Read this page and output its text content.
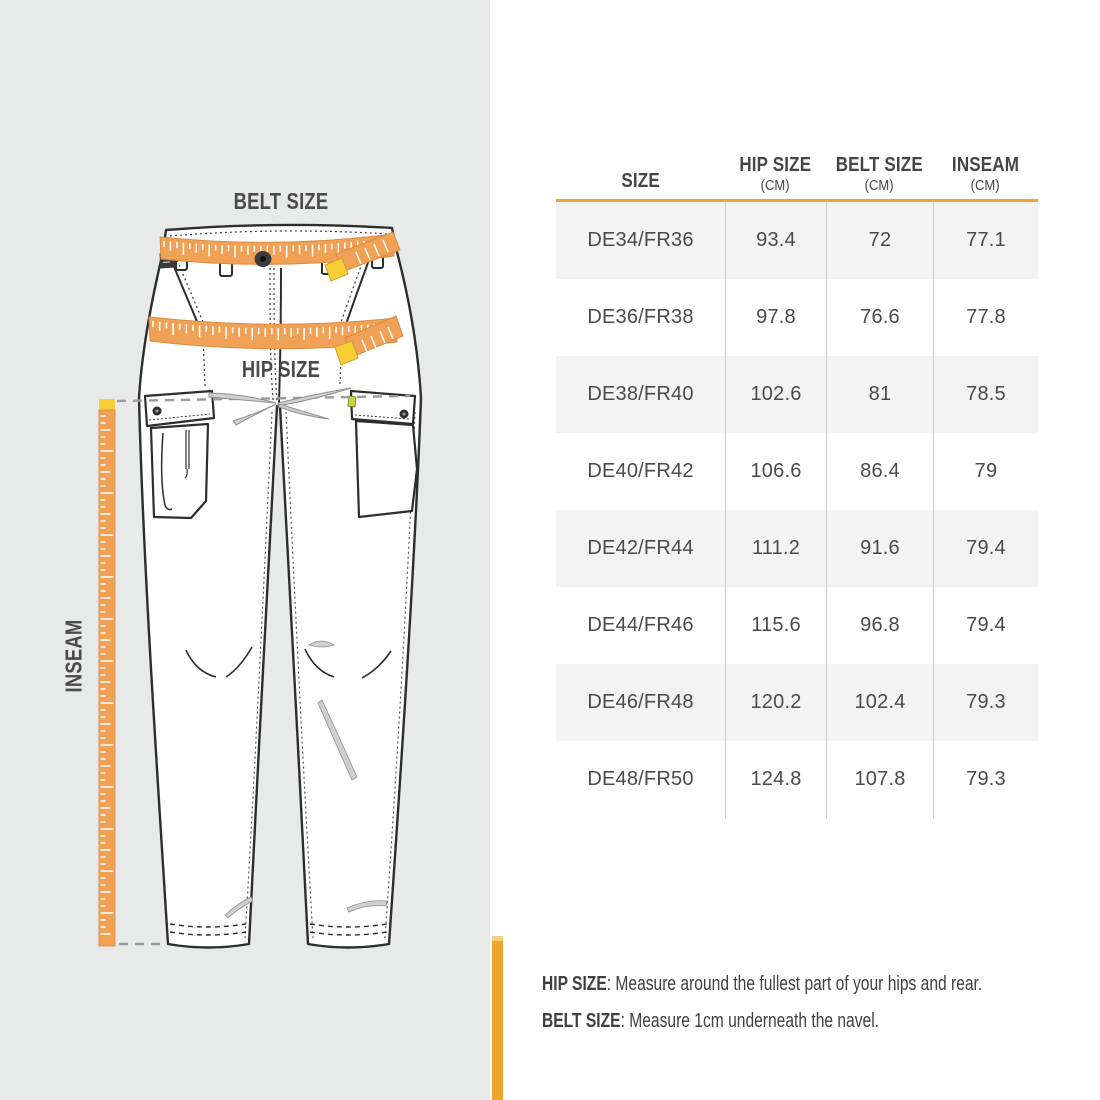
BELT SIZE
HIP SIZE
INSEAM
SIZE
HIP SIZE
(CM)
BELT SIZE
(CM)
INSEAM
(CM)
DE34/FR36	93.4	72	77.1
DE36/FR38	97.8	76.6	77.8
DE38/FR40	102.6	81	78.5
DE40/FR42	106.6	86.4	79
DE42/FR44	111.2	91.6	79.4
DE44/FR46	115.6	96.8	79.4
DE46/FR48	120.2	102.4	79.3
DE48/FR50	124.8	107.8	79.3
HIP SIZE: Measure around the fullest part of your hips and rear.
BELT SIZE: Measure 1cm underneath the navel.
